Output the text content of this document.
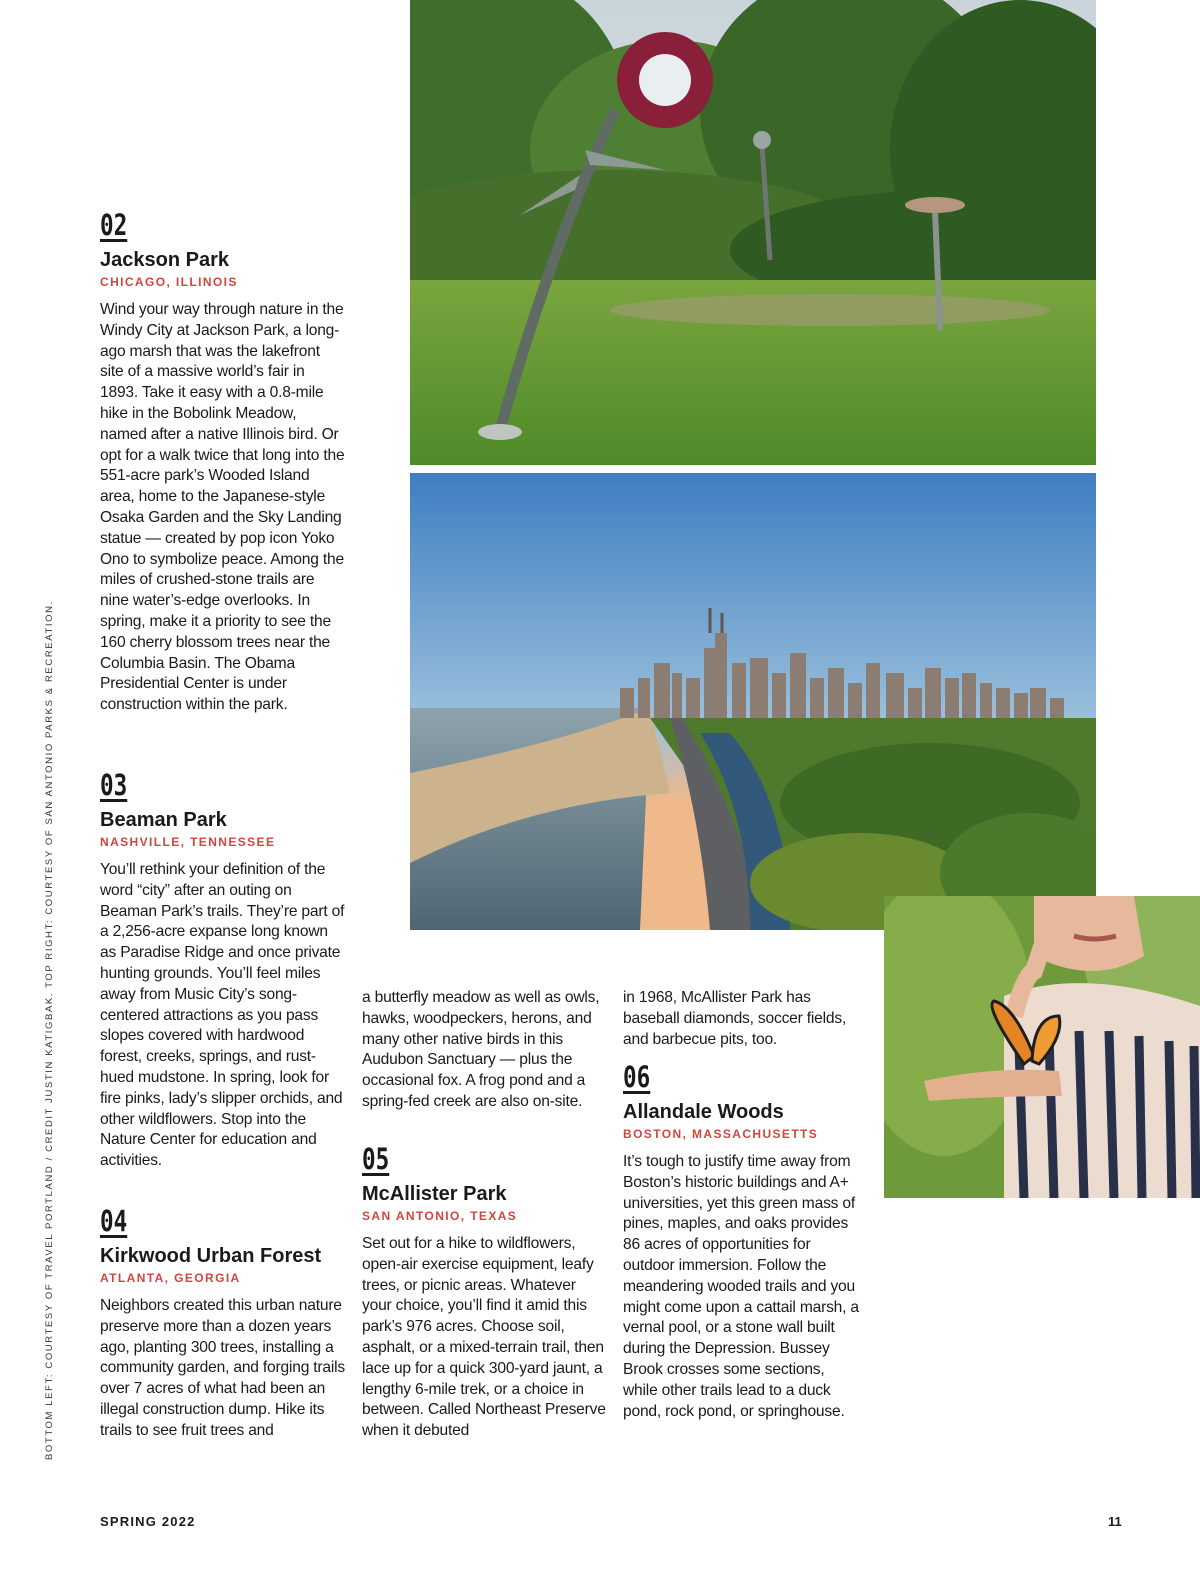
BOTTOM LEFT: COURTESY OF TRAVEL PORTLAND / CREDIT JUSTIN KATIGBAK. TOP RIGHT: COURTESY OF SAN ANTONIO PARKS & RECREATION.

02

Jackson Park

CHICAGO, ILLINOIS

Wind your way through nature in the Windy City at Jackson Park, a long-ago marsh that was the lakefront site of a massive world’s fair in 1893. Take it easy with a 0.8-mile hike in the Bobolink Meadow, named after a native Illinois bird. Or opt for a walk twice that long into the 551-acre park’s Wooded Island area, home to the Japanese-style Osaka Garden and the Sky Landing statue — created by pop icon Yoko Ono to symbolize peace. Among the miles of crushed-stone trails are nine water’s-edge overlooks. In spring, make it a priority to see the 160 cherry blossom trees near the Columbia Basin. The Obama Presidential Center is under construction within the park.

03

Beaman Park

NASHVILLE, TENNESSEE

You’ll rethink your definition of the word “city” after an outing on Beaman Park’s trails. They’re part of a 2,256-acre expanse long known as Paradise Ridge and once private hunting grounds. You’ll feel miles away from Music City’s song-centered attractions as you pass slopes covered with hardwood forest, creeks, springs, and rust-hued mudstone. In spring, look for fire pinks, lady’s slipper orchids, and other wildflowers. Stop into the Nature Center for education and activities.

04

Kirkwood Urban Forest

ATLANTA, GEORGIA

Neighbors created this urban nature preserve more than a dozen years ago, planting 300 trees, installing a community garden, and forging trails over 7 acres of what had been an illegal construction dump. Hike its trails to see fruit trees and

a butterfly meadow as well as owls, hawks, woodpeckers, herons, and many other native birds in this Audubon Sanctuary — plus the occasional fox. A frog pond and a spring-fed creek are also on-site.

05

McAllister Park

SAN ANTONIO, TEXAS

Set out for a hike to wildflowers, open-air exercise equipment, leafy trees, or picnic areas. Whatever your choice, you’ll find it amid this park’s 976 acres. Choose soil, asphalt, or a mixed-terrain trail, then lace up for a quick 300-yard jaunt, a lengthy 6-mile trek, or a choice in between. Called Northeast Preserve when it debuted

in 1968, McAllister Park has baseball diamonds, soccer fields, and barbecue pits, too.

06

Allandale Woods

BOSTON, MASSACHUSETTS

It’s tough to justify time away from Boston’s historic buildings and A+ universities, yet this green mass of pines, maples, and oaks provides 86 acres of opportunities for outdoor immersion. Follow the meandering wooded trails and you might come upon a cattail marsh, a vernal pool, or a stone wall built during the Depression. Bussey Brook crosses some sections, while other trails lead to a duck pond, rock pond, or springhouse.

SPRING 2022	11
